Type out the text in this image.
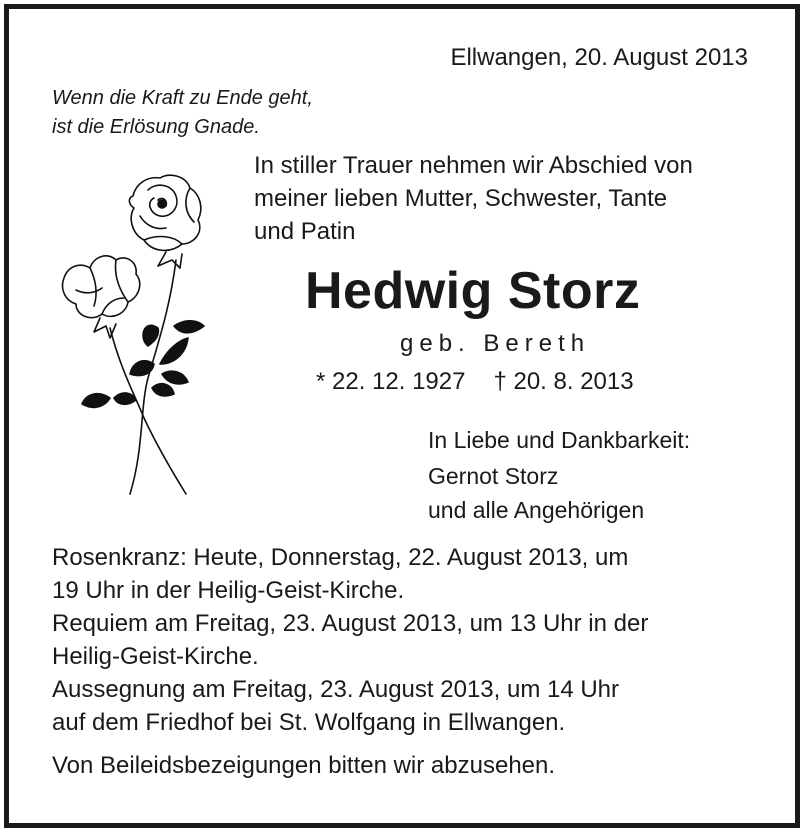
Ellwangen, 20. August 2013
Wenn die Kraft zu Ende geht,
ist die Erlösung Gnade.
In stiller Trauer nehmen wir Abschied von
meiner lieben Mutter, Schwester, Tante
und Patin
Hedwig Storz
geb. Bereth
* 22. 12. 1927 † 20. 8. 2013
In Liebe und Dankbarkeit:
Gernot Storz
und alle Angehörigen
Rosenkranz: Heute, Donnerstag, 22. August 2013, um
19 Uhr in der Heilig-Geist-Kirche.
Requiem am Freitag, 23. August 2013, um 13 Uhr in der
Heilig-Geist-Kirche.
Aussegnung am Freitag, 23. August 2013, um 14 Uhr
auf dem Friedhof bei St. Wolfgang in Ellwangen.
Von Beileidsbezeigungen bitten wir abzusehen.
